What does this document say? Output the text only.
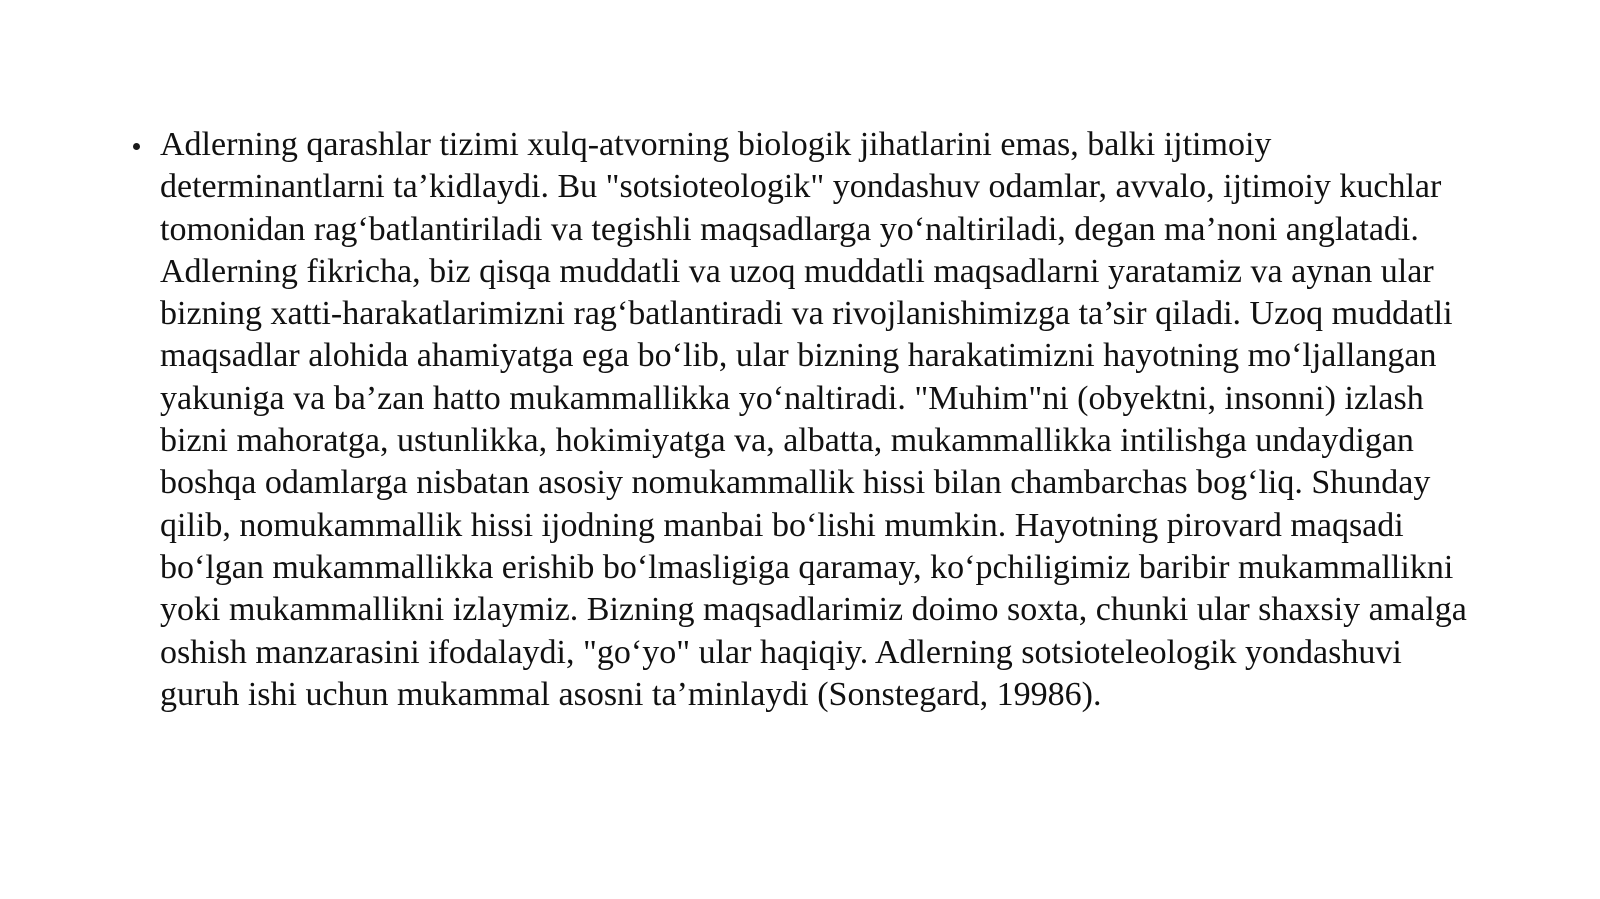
Adlerning qarashlar tizimi xulq-atvorning biologik jihatlarini emas, balki ijtimoiy determinantlarni ta’kidlaydi. Bu "sotsioteologik" yondashuv odamlar, avvalo, ijtimoiy kuchlar tomonidan rag‘batlantiriladi va tegishli maqsadlarga yo‘naltiriladi, degan ma’noni anglatadi. Adlerning fikricha, biz qisqa muddatli va uzoq muddatli maqsadlarni yaratamiz va aynan ular bizning xatti-harakatlarimizni rag‘batlantiradi va rivojlanishimizga ta’sir qiladi. Uzoq muddatli maqsadlar alohida ahamiyatga ega bo‘lib, ular bizning harakatimizni hayotning mo‘ljallangan yakuniga va ba’zan hatto mukammallikka yo‘naltiradi. "Muhim"ni (obyektni, insonni) izlash bizni mahoratga, ustunlikka, hokimiyatga va, albatta, mukammallikka intilishga undaydigan boshqa odamlarga nisbatan asosiy nomukammallik hissi bilan chambarchas bog‘liq. Shunday qilib, nomukammallik hissi ijodning manbai bo‘lishi mumkin. Hayotning pirovard maqsadi bo‘lgan mukammallikka erishib bo‘lmasligiga qaramay, ko‘pchiligimiz baribir mukammallikni yoki mukammallikni izlaymiz. Bizning maqsadlarimiz doimo soxta, chunki ular shaxsiy amalga oshish manzarasini ifodalaydi, "go‘yo" ular haqiqiy. Adlerning sotsioteleologik yondashuvi guruh ishi uchun mukammal asosni ta’minlaydi (Sonstegard, 19986).
